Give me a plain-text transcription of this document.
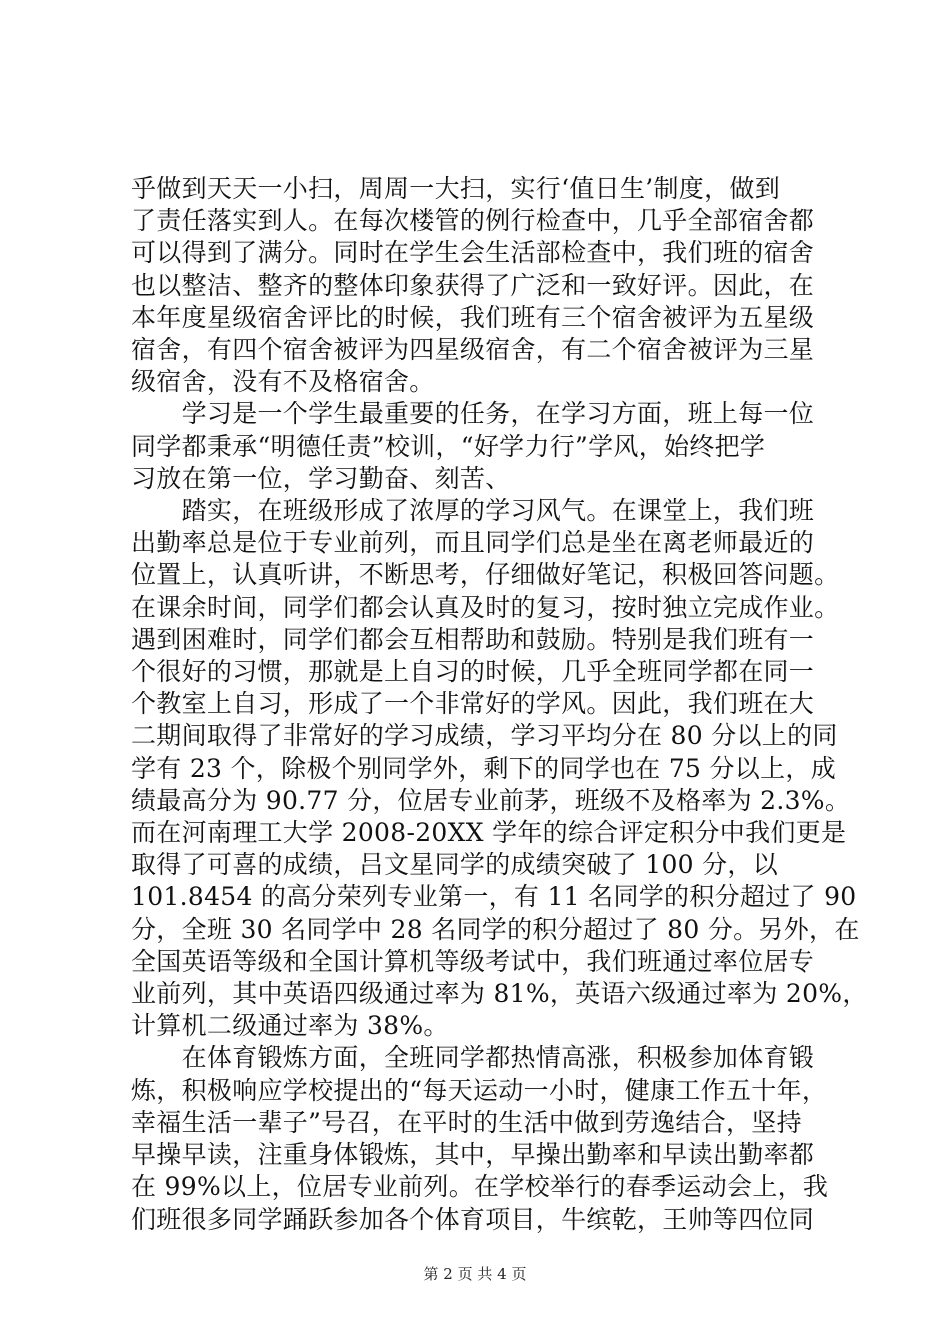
乎做到天天一小扫，周周一大扫，实行‘值日生’制度，做到

了责任落实到人。在每次楼管的例行检查中，几乎全部宿舍都

可以得到了满分。同时在学生会生活部检查中，我们班的宿舍

也以整洁、整齐的整体印象获得了广泛和一致好评。因此，在

本年度星级宿舍评比的时候，我们班有三个宿舍被评为五星级

宿舍，有四个宿舍被评为四星级宿舍，有二个宿舍被评为三星

级宿舍，没有不及格宿舍。

　　学习是一个学生最重要的任务，在学习方面，班上每一位

同学都秉承“明德任责”校训，“好学力行”学风，始终把学

习放在第一位，学习勤奋、刻苦、

　　踏实，在班级形成了浓厚的学习风气。在课堂上，我们班

出勤率总是位于专业前列，而且同学们总是坐在离老师最近的

位置上，认真听讲，不断思考，仔细做好笔记，积极回答问题。

在课余时间，同学们都会认真及时的复习，按时独立完成作业。

遇到困难时，同学们都会互相帮助和鼓励。特别是我们班有一

个很好的习惯，那就是上自习的时候，几乎全班同学都在同一

个教室上自习，形成了一个非常好的学风。因此，我们班在大

二期间取得了非常好的学习成绩，学习平均分在 80 分以上的同

学有 23 个，除极个别同学外，剩下的同学也在 75 分以上，成

绩最高分为 90.77 分，位居专业前茅，班级不及格率为 2.3%。

而在河南理工大学 2008-20XX 学年的综合评定积分中我们更是

取得了可喜的成绩，吕文星同学的成绩突破了 100 分，以

101.8454 的高分荣列专业第一，有 11 名同学的积分超过了 90

分，全班 30 名同学中 28 名同学的积分超过了 80 分。另外，在

全国英语等级和全国计算机等级考试中，我们班通过率位居专

业前列，其中英语四级通过率为 81%，英语六级通过率为 20%，

计算机二级通过率为 38%。

　　在体育锻炼方面，全班同学都热情高涨，积极参加体育锻

炼，积极响应学校提出的“每天运动一小时，健康工作五十年，

幸福生活一辈子”号召，在平时的生活中做到劳逸结合，坚持

早操早读，注重身体锻炼，其中，早操出勤率和早读出勤率都

在 99%以上，位居专业前列。在学校举行的春季运动会上，我

们班很多同学踊跃参加各个体育项目，牛缤乾，王帅等四位同

第 2 页 共 4 页
